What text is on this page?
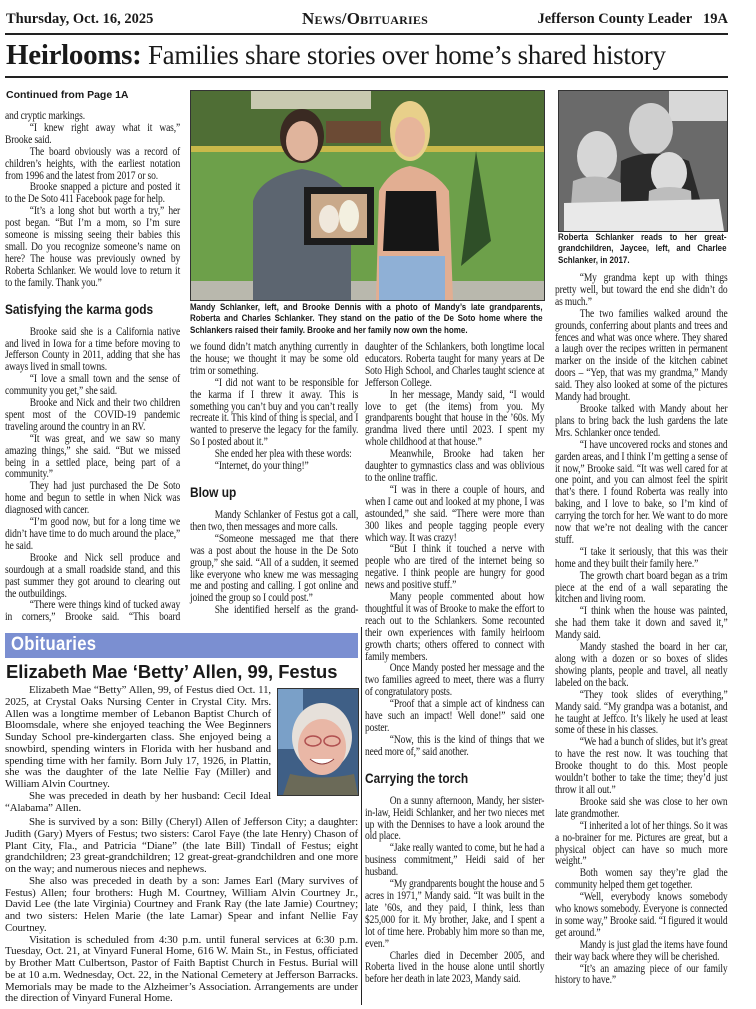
Thursday, Oct. 16, 2025	News/Obituaries	Jefferson County Leader 19A
Heirlooms: Families share stories over home’s shared history
Continued from Page 1A
Mandy Schlanker, left, and Brooke Dennis with a photo of Mandy’s late grandparents, Roberta and Charles Schlanker. They stand on the patio of the De Soto home where the Schlankers raised their family. Brooke and her family now own the home.
Roberta Schlanker reads to her great-grandchildren, Jaycee, left, and Charlee Schlanker, in 2017.

and cryptic markings.

“I knew right away what it was,” Brooke said.

The board obviously was a record of children’s heights, with the earliest notation from 1996 and the latest from 2017 or so.

Brooke snapped a picture and posted it to the De Soto 411 Facebook page for help.

“It’s a long shot but worth a try,” her post began. “But I’m a mom, so I’m sure someone is missing seeing their babies this small. Do you recognize someone’s name on here? The house was previously owned by Roberta Schlanker. We would love to return it to the family. Thank you.”

Satisfying the karma gods

Brooke said she is a California native and lived in Iowa for a time before moving to Jefferson County in 2011, adding that she has aways lived in small towns.

“I love a small town and the sense of community you get,” she said.

Brooke and Nick and their two children spent most of the COVID-19 pandemic traveling around the country in an RV.

“It was great, and we saw so many amazing things,” she said. “But we missed being in a settled place, being part of a community.”

They had just purchased the De Soto home and begun to settle in when Nick was diagnosed with cancer.

“I’m good now, but for a long time we didn’t have time to do much around the place,” he said.

Brooke and Nick sell produce and sourdough at a small roadside stand, and this past summer they got around to clearing out the outbuildings.

“There were things kind of tucked away in corners,” Brooke said. “This board

we found didn’t match anything currently in the house; we thought it may be some old trim or something.

“I did not want to be responsible for the karma if I threw it away. This is something you can’t buy and you can’t really recreate it. This kind of thing is special, and I wanted to preserve the legacy for the family. So I posted about it.”

She ended her plea with these words:

“Internet, do your thing!”

Blow up

Mandy Schlanker of Festus got a call, then two, then messages and more calls.

“Someone messaged me that there was a post about the house in the De Soto group,” she said. “All of a sudden, it seemed like everyone who knew me was messaging me and posting and calling. I got online and joined the group so I could post.”

She identified herself as the grand-

daughter of the Schlankers, both longtime local educators. Roberta taught for many years at De Soto High School, and Charles taught science at Jefferson College.

In her message, Mandy said, “I would love to get (the items) from you. My grandparents bought that house in the ’60s. My grandma lived there until 2023. I spent my whole childhood at that house.”

Meanwhile, Brooke had taken her daughter to gymnastics class and was oblivious to the online traffic.

“I was in there a couple of hours, and when I came out and looked at my phone, I was astounded,” she said. “There were more than 300 likes and people tagging people every which way. It was crazy!

“But I think it touched a nerve with people who are tired of the internet being so negative. I think people are hungry for good news and positive stuff.”

Many people commented about how thoughtful it was of Brooke to make the effort to reach out to the Schlankers. Some recounted their own experiences with family heirloom growth charts; others offered to connect with family members.

Once Mandy posted her message and the two families agreed to meet, there was a flurry of congratulatory posts.

“Proof that a simple act of kindness can have such an impact! Well done!” said one poster.

“Now, this is the kind of things that we need more of,” said another.

Carrying the torch

On a sunny afternoon, Mandy, her sister-in-law, Heidi Schlanker, and her two nieces met up with the Dennises to have a look around the old place.

“Jake really wanted to come, but he had a business commitment,” Heidi said of her husband.

“My grandparents bought the house and 5 acres in 1971,” Mandy said. “It was built in the late ’60s, and they paid, I think, less than $25,000 for it. My brother, Jake, and I spent a lot of time here. Probably him more so than me, even.”

Charles died in December 2005, and Roberta lived in the house alone until shortly before her death in late 2023, Mandy said.

“My grandma kept up with things pretty well, but toward the end she didn’t do as much.”

The two families walked around the grounds, conferring about plants and trees and fences and what was once where. They shared a laugh over the recipes written in permanent marker on the inside of the kitchen cabinet doors – “Yep, that was my grandma,” Mandy said. They also looked at some of the pictures Mandy had brought.

Brooke talked with Mandy about her plans to bring back the lush gardens the late Mrs. Schlanker once tended.

“I have uncovered rocks and stones and garden areas, and I think I’m getting a sense of it now,” Brooke said. “It was well cared for at one point, and you can almost feel the spirit that’s there. I found Roberta was really into baking, and I love to bake, so I’m kind of carrying the torch for her. We want to do more now that we’re not dealing with the cancer stuff.

“I take it seriously, that this was their home and they built their family here.”

The growth chart board began as a trim piece at the end of a wall separating the kitchen and living room.

“I think when the house was painted, she had them take it down and saved it,” Mandy said.

Mandy stashed the board in her car, along with a dozen or so boxes of slides showing plants, people and travel, all neatly labeled on the back.

“They took slides of everything,” Mandy said. “My grandpa was a botanist, and he taught at Jeffco. It’s likely he used at least some of these in his classes.

“We had a bunch of slides, but it’s great to have the rest now. It was touching that Brooke thought to do this. Most people wouldn’t bother to take the time; they’d just throw it all out.”

Brooke said she was close to her own late grandmother.

“I inherited a lot of her things. So it was a no-brainer for me. Pictures are great, but a physical object can have so much more weight.”

Both women say they’re glad the community helped them get together.

“Well, everybody knows somebody who knows somebody. Everyone is connected in some way,” Brooke said. “I figured it would get around.”

Mandy is just glad the items have found their way back where they will be cherished.

“It’s an amazing piece of our family history to have.”

Obituaries
Elizabeth Mae ‘Betty’ Allen, 99, Festus

Elizabeth Mae “Betty” Allen, 99, of Festus died Oct. 11, 2025, at Crystal Oaks Nursing Center in Crystal City. Mrs. Allen was a longtime member of Lebanon Baptist Church of Bloomsdale, where she enjoyed teaching the Wee Beginners Sunday School pre-kindergarten class. She enjoyed being a snowbird, spending winters in Florida with her husband and spending time with her family. Born July 17, 1926, in Plattin, she was the daughter of the late Nellie Fay (Miller) and William Alvin Courtney.

She was preceded in death by her husband: Cecil Ideal “Alabama” Allen.

She is survived by a son: Billy (Cheryl) Allen of Jefferson City; a daughter: Judith (Gary) Myers of Festus; two sisters: Carol Faye (the late Henry) Chason of Plant City, Fla., and Patricia “Diane” (the late Bill) Tindall of Festus; eight grandchildren; 23 great-grandchildren; 12 great-great-grandchildren and one more on the way; and numerous nieces and nephews.

She also was preceded in death by a son: James Earl (Mary survives of Festus) Allen; four brothers: Hugh M. Courtney, William Alvin Courtney Jr., David Lee (the late Virginia) Courtney and Frank Ray (the late Jamie) Courtney; and two sisters: Helen Marie (the late Lamar) Spear and infant Nellie Fay Courtney.

Visitation is scheduled from 4:30 p.m. until funeral services at 6:30 p.m. Tuesday, Oct. 21, at Vinyard Funeral Home, 616 W. Main St., in Festus, officiated by Brother Matt Culbertson, Pastor of Faith Baptist Church in Festus. Burial will be at 10 a.m. Wednesday, Oct. 22, in the National Cemetery at Jefferson Barracks. Memorials may be made to the Alzheimer’s Association. Arrangements are under the direction of Vinyard Funeral Home.
